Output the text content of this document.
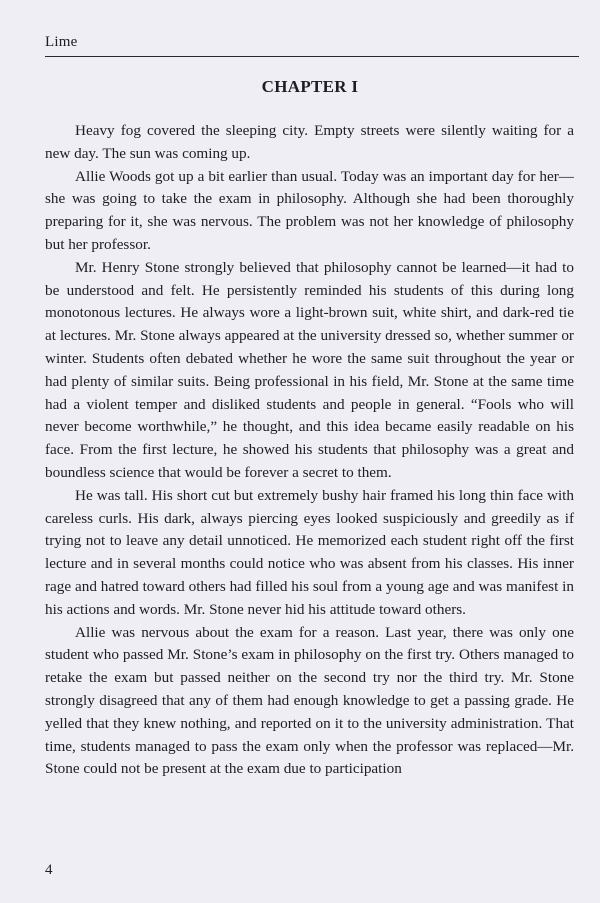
Lime
CHAPTER I

Heavy fog covered the sleeping city. Empty streets were silently waiting for a new day. The sun was coming up.

Allie Woods got up a bit earlier than usual. Today was an important day for her—she was going to take the exam in philosophy. Although she had been thoroughly preparing for it, she was nervous. The problem was not her knowledge of philosophy but her professor.

Mr. Henry Stone strongly believed that philosophy cannot be learned—it had to be understood and felt. He persistently reminded his students of this during long monotonous lectures. He always wore a light-brown suit, white shirt, and dark-red tie at lectures. Mr. Stone always appeared at the university dressed so, whether summer or winter. Students often debated whether he wore the same suit throughout the year or had plenty of similar suits. Being professional in his field, Mr. Stone at the same time had a violent temper and disliked students and people in general. “Fools who will never become worthwhile,” he thought, and this idea became easily readable on his face. From the first lecture, he showed his students that philosophy was a great and boundless science that would be forever a secret to them.

He was tall. His short cut but extremely bushy hair framed his long thin face with careless curls. His dark, always piercing eyes looked suspiciously and greedily as if trying not to leave any detail unnoticed. He memorized each student right off the first lecture and in several months could notice who was absent from his classes. His inner rage and hatred toward others had filled his soul from a young age and was manifest in his actions and words. Mr. Stone never hid his attitude toward others.

Allie was nervous about the exam for a reason. Last year, there was only one student who passed Mr. Stone’s exam in philosophy on the first try. Others managed to retake the exam but passed neither on the second try nor the third try. Mr. Stone strongly disagreed that any of them had enough knowledge to get a passing grade. He yelled that they knew nothing, and reported on it to the university administration. That time, students managed to pass the exam only when the professor was replaced—Mr. Stone could not be present at the exam due to participation

4
